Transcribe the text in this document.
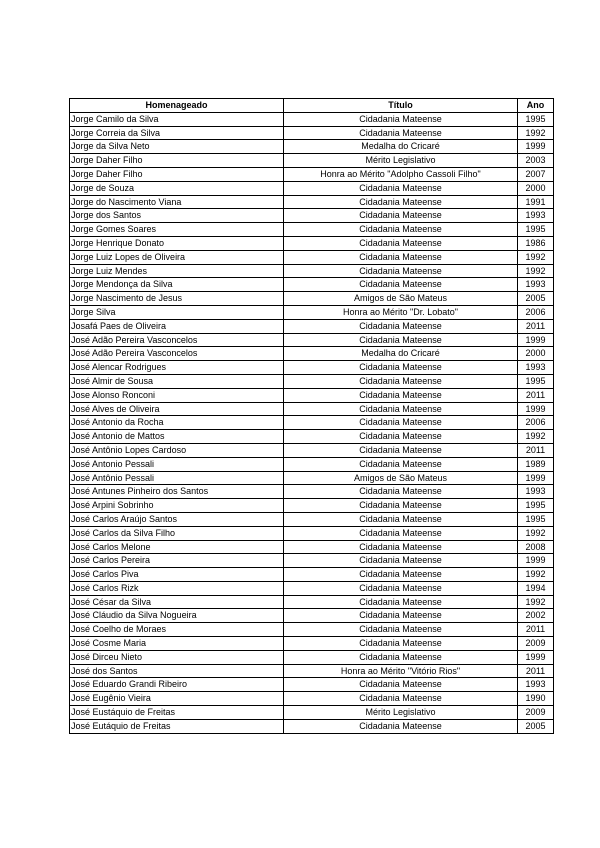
Homenageado	Título	Ano
Jorge Camilo da Silva	Cidadania Mateense	1995
Jorge Correia da Silva	Cidadania Mateense	1992
Jorge da Silva Neto	Medalha do Cricaré	1999
Jorge Daher Filho	Mérito Legislativo	2003
Jorge Daher Filho	Honra ao Mérito "Adolpho Cassoli Filho"	2007
Jorge de Souza	Cidadania Mateense	2000
Jorge do Nascimento Viana	Cidadania Mateense	1991
Jorge dos Santos	Cidadania Mateense	1993
Jorge Gomes Soares	Cidadania Mateense	1995
Jorge Henrique Donato	Cidadania Mateense	1986
Jorge Luiz Lopes de Oliveira	Cidadania Mateense	1992
Jorge Luiz Mendes	Cidadania Mateense	1992
Jorge Mendonça da Silva	Cidadania Mateense	1993
Jorge Nascimento de Jesus	Amigos de São Mateus	2005
Jorge Silva	Honra ao Mérito "Dr. Lobato"	2006
Josafá Paes de Oliveira	Cidadania Mateense	2011
José Adão Pereira Vasconcelos	Cidadania Mateense	1999
José Adão Pereira Vasconcelos	Medalha do Cricaré	2000
José Alencar Rodrigues	Cidadania Mateense	1993
José Almir de Sousa	Cidadania Mateense	1995
Jose Alonso Ronconi	Cidadania Mateense	2011
José Alves de Oliveira	Cidadania Mateense	1999
José Antonio da Rocha	Cidadania Mateense	2006
José Antonio de Mattos	Cidadania Mateense	1992
José Antônio Lopes Cardoso	Cidadania Mateense	2011
José Antonio Pessali	Cidadania Mateense	1989
José Antônio Pessali	Amigos de São Mateus	1999
José Antunes Pinheiro dos Santos	Cidadania Mateense	1993
José Arpini Sobrinho	Cidadania Mateense	1995
José Carlos Araújo Santos	Cidadania Mateense	1995
José Carlos da Silva Filho	Cidadania Mateense	1992
José Carlos Melone	Cidadania Mateense	2008
José Carlos Pereira	Cidadania Mateense	1999
José Carlos Piva	Cidadania Mateense	1992
José Carlos Rizk	Cidadania Mateense	1994
José César da Silva	Cidadania Mateense	1992
José Cláudio da Silva Nogueira	Cidadania Mateense	2002
José Coelho de Moraes	Cidadania Mateense	2011
José Cosme Maria	Cidadania Mateense	2009
José Dirceu Nieto	Cidadania Mateense	1999
José dos Santos	Honra ao Mérito "Vitório Rios"	2011
José Eduardo Grandi Ribeiro	Cidadania Mateense	1993
José Eugênio Vieira	Cidadania Mateense	1990
José Eustáquio de Freitas	Mérito Legislativo	2009
José Eutáquio de Freitas	Cidadania Mateense	2005
